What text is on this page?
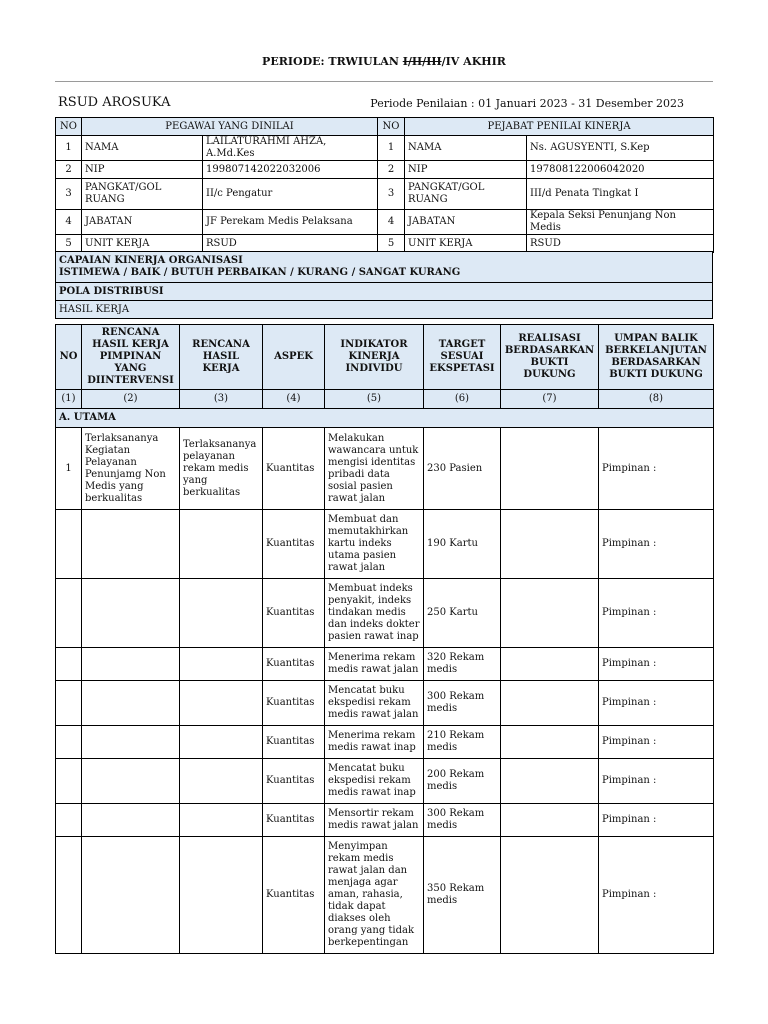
PERIODE: TRWIULAN I/II/III/IV AKHIR
RSUD AROSUKA	Periode Penilaian : 01 Januari 2023 - 31 Desember 2023
NO	PEGAWAI YANG DINILAI		NO	PEJABAT PENILAI KINERJA	
1	NAMA	LAILATURAHMI AHZA, A.Md.Kes	1	NAMA	Ns. AGUSYENTI, S.Kep
2	NIP	199807142022032006	2	NIP	197808122006042020
3	PANGKAT/GOL RUANG	II/c Pengatur	3	PANGKAT/GOL RUANG	III/d Penata Tingkat I
4	JABATAN	JF Perekam Medis Pelaksana	4	JABATAN	Kepala Seksi Penunjang Non Medis
5	UNIT KERJA	RSUD	5	UNIT KERJA	RSUD
CAPAIAN KINERJA ORGANISASI
ISTIMEWA / BAIK / BUTUH PERBAIKAN / KURANG / SANGAT KURANG

POLA DISTRIBUSI
HASIL KERJA
NO	RENCANA HASIL KERJA PIMPINAN YANG DIINTERVENSI	RENCANA HASIL KERJA	ASPEK	INDIKATOR KINERJA INDIVIDU	TARGET SESUAI EKSPETASI	REALISASI BERDASARKAN BUKTI DUKUNG	UMPAN BALIK BERKELANJUTAN BERDASARKAN BUKTI DUKUNG
(1)	(2)	(3)	(4)	(5)	(6)	(7)	(8)
A. UTAMA							
1	Terlaksananya Kegiatan Pelayanan Penunjamg Non Medis yang berkualitas	Terlaksananya pelayanan rekam medis yang berkualitas	Kuantitas	Melakukan wawancara untuk mengisi identitas pribadi data sosial pasien rawat jalan	230 Pasien		Pimpinan :
			Kuantitas	Membuat dan memutakhirkan kartu indeks utama pasien rawat jalan	190 Kartu		Pimpinan :
			Kuantitas	Membuat indeks penyakit, indeks tindakan medis dan indeks dokter pasien rawat inap	250 Kartu		Pimpinan :
			Kuantitas	Menerima rekam medis rawat jalan	320 Rekam medis		Pimpinan :
			Kuantitas	Mencatat buku ekspedisi rekam medis rawat jalan	300 Rekam medis		Pimpinan :
			Kuantitas	Menerima rekam medis rawat inap	210 Rekam medis		Pimpinan :
			Kuantitas	Mencatat buku ekspedisi rekam medis rawat inap	200 Rekam medis		Pimpinan :
			Kuantitas	Mensortir rekam medis rawat jalan	300 Rekam medis		Pimpinan :
			Kuantitas	Menyimpan rekam medis rawat jalan dan menjaga agar aman, rahasia, tidak dapat diakses oleh orang yang tidak berkepentingan	350 Rekam medis		Pimpinan :
